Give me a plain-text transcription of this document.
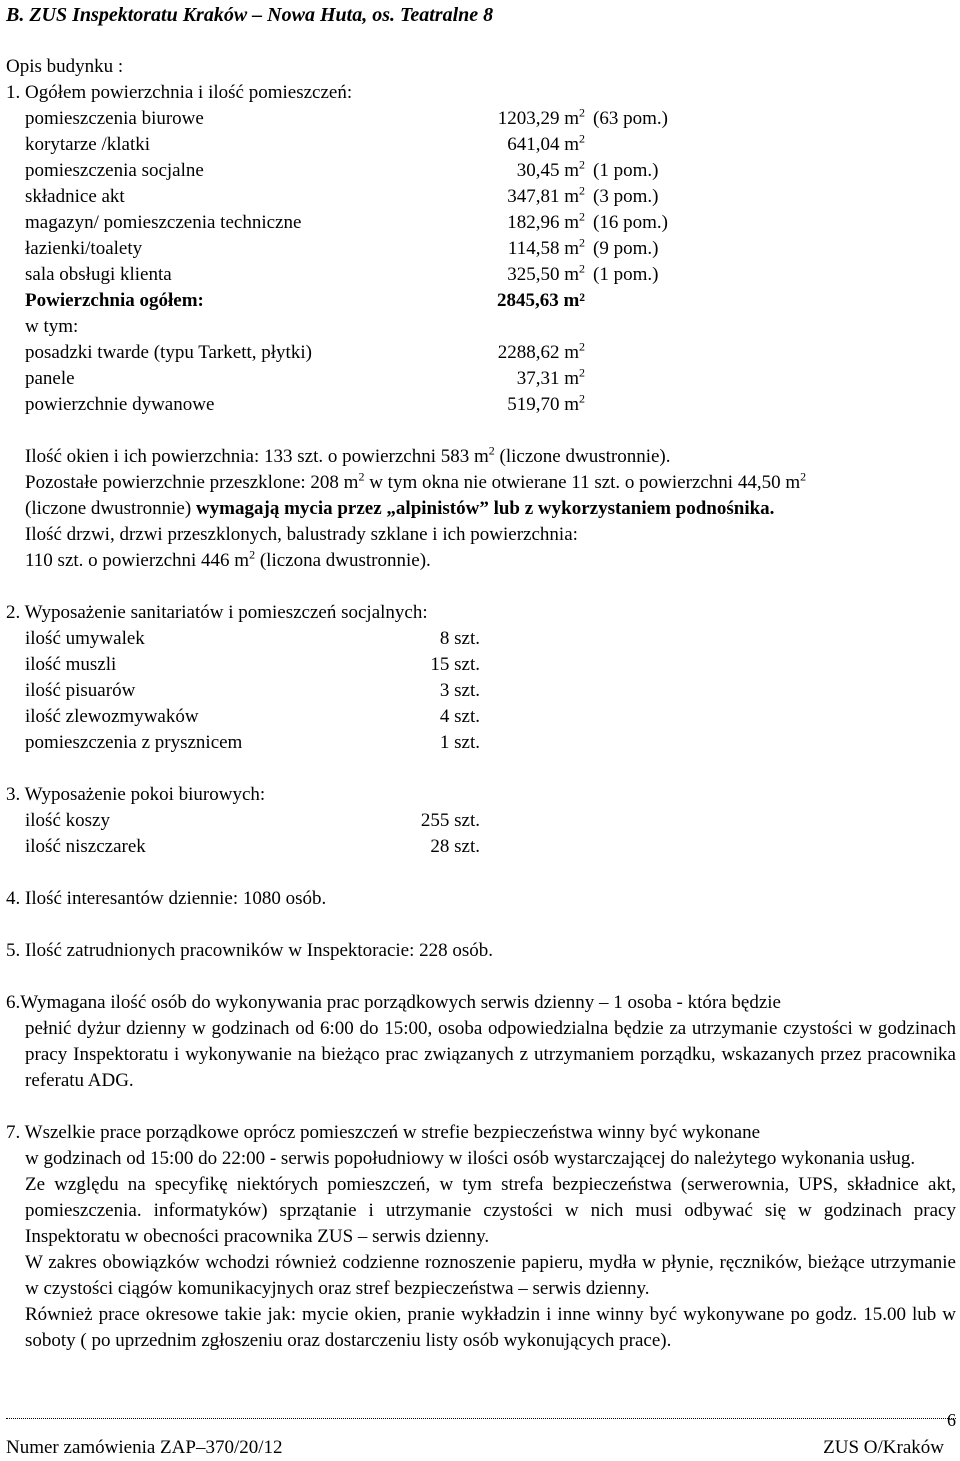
B. ZUS Inspektoratu Kraków – Nowa Huta, os. Teatralne 8

Opis budynku :

1. Ogółem powierzchnia i ilość pomieszczeń:

pomieszczenia biurowe	1203,29 $m^2$ (63 pom.)
korytarze /klatki	641,04 $m^2$
pomieszczenia socjalne	30,45 $m^2$ (1 pom.)
składnice akt	347,81 $m^2$ (3 pom.)
magazyn/ pomieszczenia techniczne	182,96 $m^2$ (16 pom.)
łazienki/toalety	114,58 $m^2$ (9 pom.)
sala obsługi klienta	325,50 $m^2$ (1 pom.)
Powierzchnia ogółem:	2845,63 m²

w tym:

posadzki twarde (typu Tarkett, płytki)	2288,62 $m^2$
panele	37,31 $m^2$
powierzchnie dywanowe	519,70 $m^2$

Ilość okien i ich powierzchnia: 133 szt. o powierzchni 583 $m^2$ (liczone dwustronnie).

Pozostałe powierzchnie przeszklone: 208 $m^2$ w tym okna nie otwierane 11 szt. o powierzchni 44,50 $m^2$

(liczone dwustronnie) wymagają mycia przez „alpinistów” lub z wykorzystaniem podnośnika.

Ilość drzwi, drzwi przeszklonych, balustrady szklane i ich powierzchnia:

110 szt. o powierzchni 446 $m^2$ (liczona dwustronnie).

2. Wyposażenie sanitariatów i pomieszczeń socjalnych:

ilość umywalek	8 szt.
ilość muszli	15 szt.
ilość pisuarów	3 szt.
ilość zlewozmywaków	4 szt.
pomieszczenia z prysznicem	1 szt.

3. Wyposażenie pokoi biurowych:

ilość koszy	255 szt.
ilość niszczarek	28 szt.

4. Ilość interesantów dziennie: 1080 osób.

5. Ilość zatrudnionych pracowników w Inspektoracie: 228 osób.

6.Wymagana ilość osób do wykonywania prac porządkowych serwis dzienny – 1 osoba - która będzie

pełnić dyżur dzienny w godzinach od 6:00 do 15:00, osoba odpowiedzialna będzie za utrzymanie czystości w godzinach pracy Inspektoratu i wykonywanie na bieżąco prac związanych z utrzymaniem porządku, wskazanych przez pracownika referatu ADG.

7. Wszelkie prace porządkowe oprócz pomieszczeń w strefie bezpieczeństwa winny być wykonane

w godzinach od 15:00 do 22:00 - serwis popołudniowy w ilości osób wystarczającej do należytego wykonania usług.

Ze względu na specyfikę niektórych pomieszczeń, w tym strefa bezpieczeństwa (serwerownia, UPS, składnice akt, pomieszczenia. informatyków) sprzątanie i utrzymanie czystości w nich musi odbywać się w godzinach pracy Inspektoratu w obecności pracownika ZUS – serwis dzienny.

W zakres obowiązków wchodzi również codzienne roznoszenie papieru, mydła w płynie, ręczników, bieżące utrzymanie w czystości ciągów komunikacyjnych oraz stref bezpieczeństwa – serwis dzienny.

Również prace okresowe takie jak: mycie okien, pranie wykładzin i inne winny być wykonywane po godz. 15.00 lub w soboty ( po uprzednim zgłoszeniu oraz dostarczeniu listy osób wykonujących prace).

6
Numer zamówienia ZAP–370/20/12	ZUS O/Kraków
